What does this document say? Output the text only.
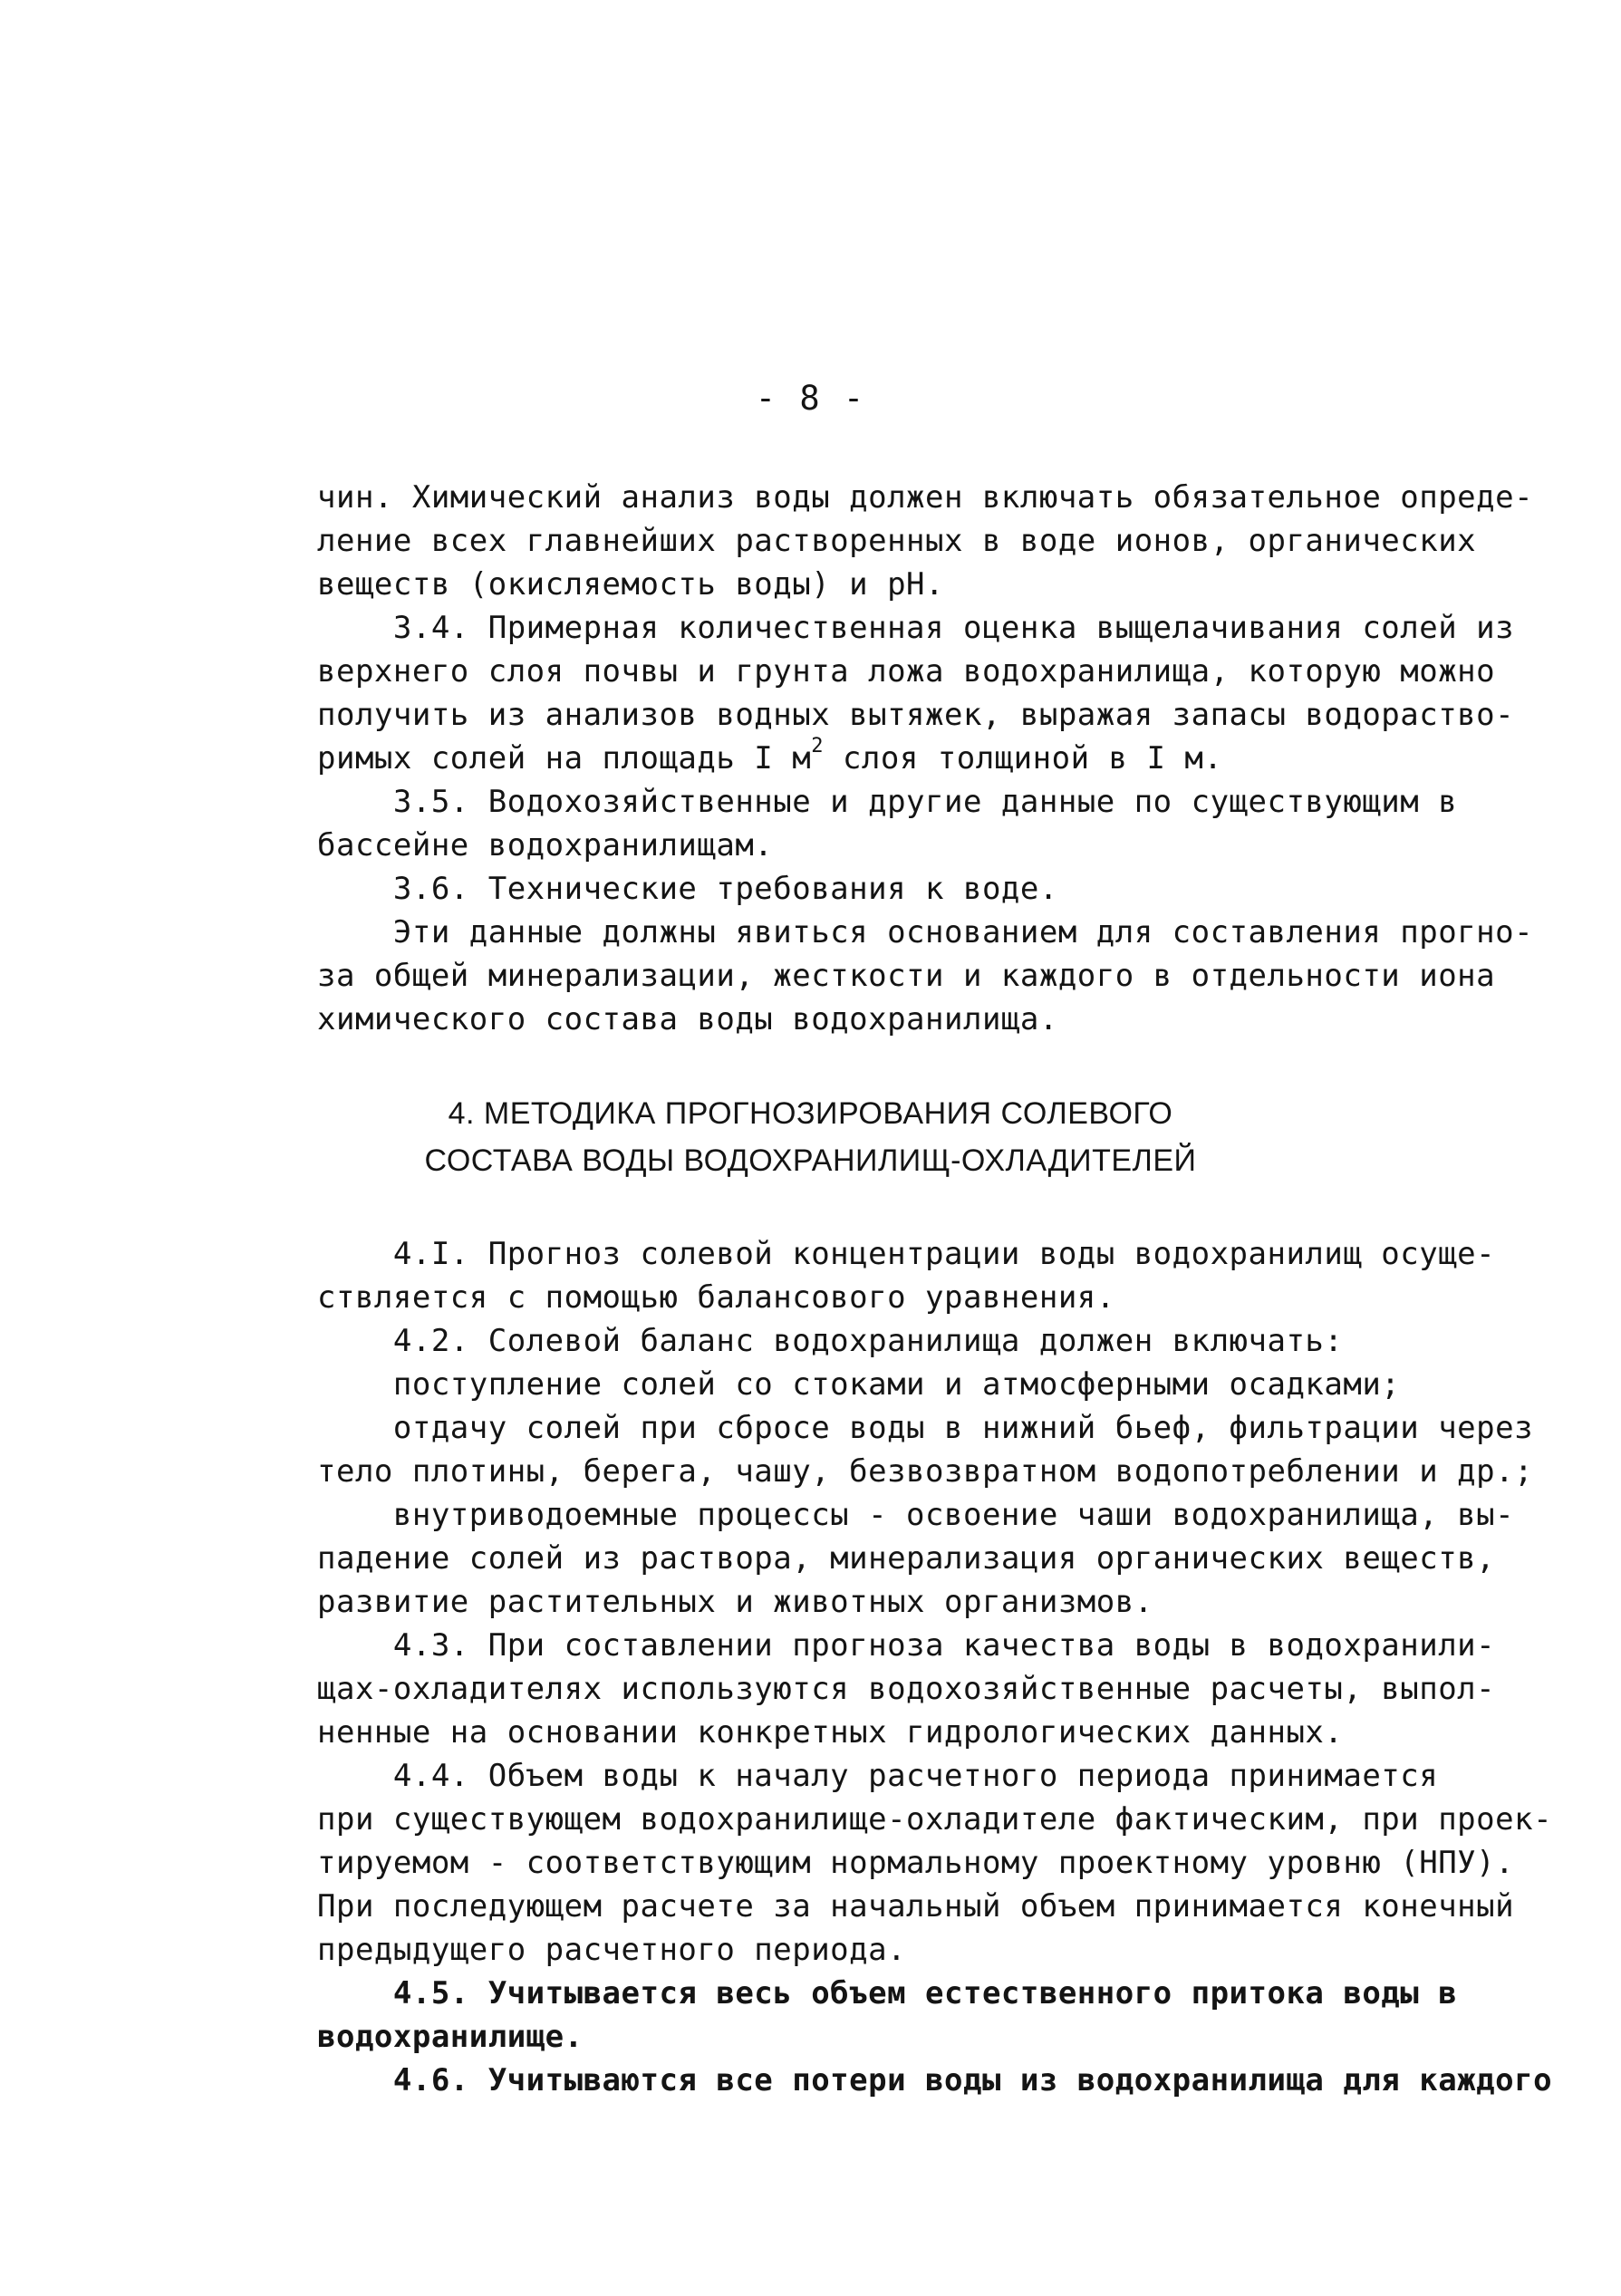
- 8 -
чин. Химический анализ воды должен включать обязательное опреде-
ление всех главнейших растворенных в воде ионов, органических
веществ (окисляемость воды) и рН.
3.4. Примерная количественная оценка выщелачивания солей из
верхнего слоя почвы и грунта ложа водохранилища, которую можно
получить из анализов водных вытяжек, выражая запасы водораство-
римых солей на площадь I $м^2$ слоя толщиной в I м.
3.5. Водохозяйственные и другие данные по существующим в
бассейне водохранилищам.
3.6. Технические требования к воде.
Эти данные должны явиться основанием для составления прогно-
за общей минерализации, жесткости и каждого в отдельности иона
химического состава воды водохранилища.
4. МЕТОДИКА ПРОГНОЗИРОВАНИЯ СОЛЕВОГО
СОСТАВА ВОДЫ ВОДОХРАНИЛИЩ-ОХЛАДИТЕЛЕЙ
4.I. Прогноз солевой концентрации воды водохранилищ осуще-
ствляется с помощью балансового уравнения.
4.2. Солевой баланс водохранилища должен включать:
поступление солей со стоками и атмосферными осадками;
отдачу солей при сбросе воды в нижний бьеф, фильтрации через
тело плотины, берега, чашу, безвозвратном водопотреблении и др.;
внутриводоемные процессы - освоение чаши водохранилища, вы-
падение солей из раствора, минерализация органических веществ,
развитие растительных и животных организмов.
4.3. При составлении прогноза качества воды в водохранили-
щах-охладителях используются водохозяйственные расчеты, выпол-
ненные на основании конкретных гидрологических данных.
4.4. Объем воды к началу расчетного периода принимается
при существующем водохранилище-охладителе фактическим, при проек-
тируемом - соответствующим нормальному проектному уровню (НПУ).
При последующем расчете за начальный объем принимается конечный
предыдущего расчетного периода.
4.5. Учитывается весь объем естественного притока воды в
водохранилище.
4.6. Учитываются все потери воды из водохранилища для каждого
